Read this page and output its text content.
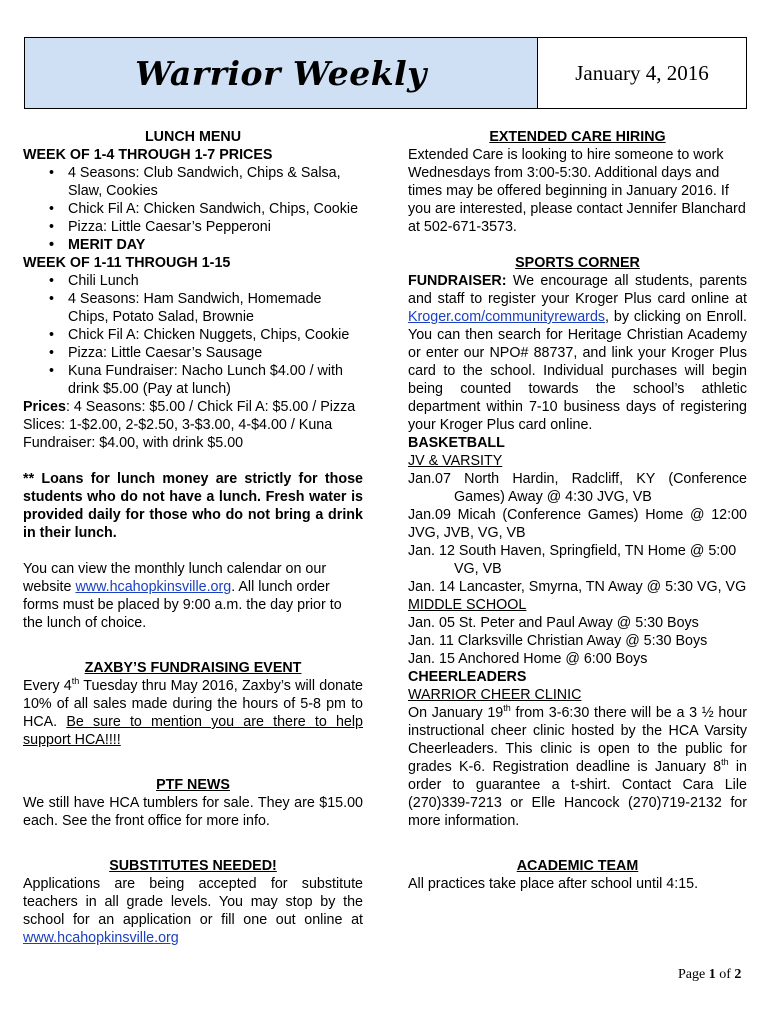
Warrior Weekly	January 4, 2016
LUNCH MENU
WEEK OF 1-4 THROUGH 1-7 PRICES
• 4 Seasons: Club Sandwich, Chips & Salsa, Slaw, Cookies
• Chick Fil A: Chicken Sandwich, Chips, Cookie
• Pizza: Little Caesar’s Pepperoni
• MERIT DAY
WEEK OF 1-11 THROUGH 1-15
• Chili Lunch
• 4 Seasons: Ham Sandwich, Homemade Chips, Potato Salad, Brownie
• Chick Fil A: Chicken Nuggets, Chips, Cookie
• Pizza: Little Caesar’s Sausage
• Kuna Fundraiser: Nacho Lunch $4.00 / with drink $5.00 (Pay at lunch)
Prices: 4 Seasons: $5.00 / Chick Fil A: $5.00 / Pizza Slices: 1-$2.00, 2-$2.50, 3-$3.00, 4-$4.00 / Kuna Fundraiser: $4.00, with drink $5.00
** Loans for lunch money are strictly for those students who do not have a lunch. Fresh water is provided daily for those who do not bring a drink in their lunch.
You can view the monthly lunch calendar on our website www.hcahopkinsville.org. All lunch order forms must be placed by 9:00 a.m. the day prior to the lunch of choice.
ZAXBY’S FUNDRAISING EVENT
Every 4th Tuesday thru May 2016, Zaxby’s will donate 10% of all sales made during the hours of 5-8 pm to HCA. Be sure to mention you are there to help support HCA!!!!
PTF NEWS
We still have HCA tumblers for sale. They are $15.00 each. See the front office for more info.
SUBSTITUTES NEEDED!
Applications are being accepted for substitute teachers in all grade levels. You may stop by the school for an application or fill one out online at www.hcahopkinsville.org
EXTENDED CARE HIRING
Extended Care is looking to hire someone to work Wednesdays from 3:00-5:30. Additional days and times may be offered beginning in January 2016. If you are interested, please contact Jennifer Blanchard at 502-671-3573.
SPORTS CORNER
FUNDRAISER: We encourage all students, parents and staff to register your Kroger Plus card online at Kroger.com/communityrewards, by clicking on Enroll. You can then search for Heritage Christian Academy or enter our NPO# 88737, and link your Kroger Plus card to the school. Individual purchases will begin being counted towards the school’s athletic department within 7-10 business days of registering your Kroger Plus card online.
BASKETBALL
JV & VARSITY
Jan.07 North Hardin, Radcliff, KY (Conference Games) Away @ 4:30 JVG, VB
Jan.09 Micah (Conference Games) Home @ 12:00 JVG, JVB, VG, VB
Jan. 12 South Haven, Springfield, TN Home @ 5:00 VG, VB
Jan. 14 Lancaster, Smyrna, TN Away @ 5:30 VG, VG
MIDDLE SCHOOL
Jan. 05 St. Peter and Paul Away @ 5:30 Boys
Jan. 11 Clarksville Christian Away @ 5:30 Boys
Jan. 15 Anchored Home @ 6:00 Boys
CHEERLEADERS
WARRIOR CHEER CLINIC
On January 19th from 3-6:30 there will be a 3 ½ hour instructional cheer clinic hosted by the HCA Varsity Cheerleaders. This clinic is open to the public for grades K-6. Registration deadline is January 8th in order to guarantee a t-shirt. Contact Cara Lile (270)339-7213 or Elle Hancock (270)719-2132 for more information.
ACADEMIC TEAM
All practices take place after school until 4:15.
Page 1 of 2
